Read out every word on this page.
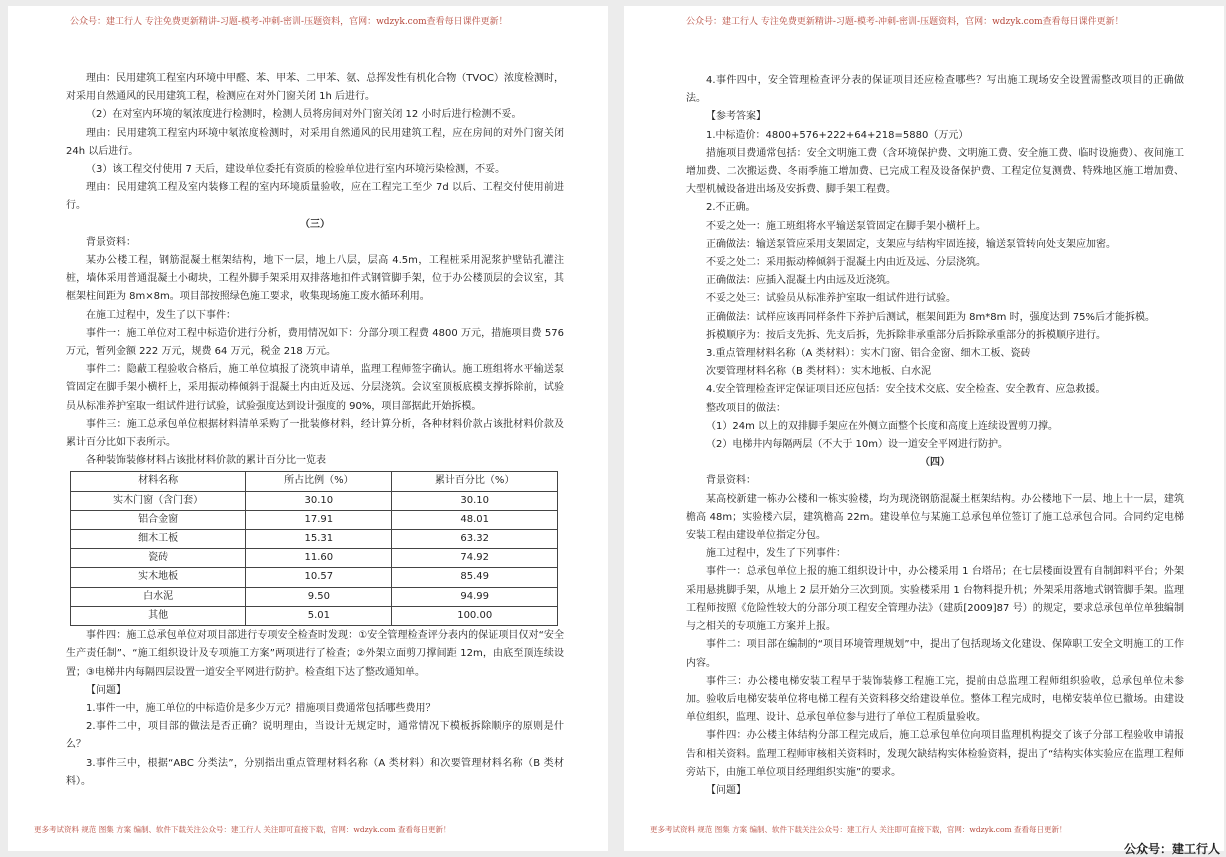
公众号：建工行人 专注免费更新精讲-习题-模考-冲刺-密训-压题资料，官网：wdzyk.com查看每日课件更新！

理由：民用建筑工程室内环境中甲醛、苯、甲苯、二甲苯、氨、总挥发性有机化合物（TVOC）浓度检测时，对采用自然通风的民用建筑工程，检测应在对外门窗关闭 1h 后进行。

（2）在对室内环境的氡浓度进行检测时，检测人员将房间对外门窗关闭 12 小时后进行检测不妥。

理由：民用建筑工程室内环境中氡浓度检测时，对采用自然通风的民用建筑工程，应在房间的对外门窗关闭 24h 以后进行。

（3）该工程交付使用 7 天后，建设单位委托有资质的检验单位进行室内环境污染检测，不妥。

理由：民用建筑工程及室内装修工程的室内环境质量验收，应在工程完工至少 7d 以后、工程交付使用前进行。

（三）

背景资料：

某办公楼工程，钢筋混凝土框架结构，地下一层，地上八层，层高 4.5m，工程桩采用泥浆护壁钻孔灌注桩，墙体采用普通混凝土小砌块，工程外脚手架采用双排落地扣件式钢管脚手架，位于办公楼顶层的会议室，其框架柱间距为 8m×8m。项目部按照绿色施工要求，收集现场施工废水循环利用。

在施工过程中，发生了以下事件：

事件一：施工单位对工程中标造价进行分析，费用情况如下：分部分项工程费 4800 万元，措施项目费 576 万元，暂列金额 222 万元，规费 64 万元，税金 218 万元。

事件二：隐蔽工程验收合格后，施工单位填报了浇筑申请单，监理工程师签字确认。施工班组将水平输送泵管固定在脚手架小横杆上，采用振动棒倾斜于混凝土内由近及远、分层浇筑。会议室顶板底模支撑拆除前，试验员从标准养护室取一组试件进行试验，试验强度达到设计强度的 90%，项目部据此开始拆模。

事件三：施工总承包单位根据材料清单采购了一批装修材料，经计算分析，各种材料价款占该批材料价款及累计百分比如下表所示。

各种装饰装修材料占该批材料价款的累计百分比一览表

材料名称	所占比例（%）	累计百分比（%）
实木门窗（含门套）	30.10	30.10
铝合金窗	17.91	48.01
细木工板	15.31	63.32
瓷砖	11.60	74.92
实木地板	10.57	85.49
白水泥	9.50	94.99
其他	5.01	100.00

事件四：施工总承包单位对项目部进行专项安全检查时发现：①安全管理检查评分表内的保证项目仅对“安全生产责任制”、“施工组织设计及专项施工方案”两项进行了检查；②外架立面剪刀撑间距 12m，由底至顶连续设置；③电梯井内每隔四层设置一道安全平网进行防护。检查组下达了整改通知单。

【问题】

1.事件一中，施工单位的中标造价是多少万元？措施项目费通常包括哪些费用？

2.事件二中，项目部的做法是否正确？说明理由，当设计无规定时，通常情况下模板拆除顺序的原则是什么？

3.事件三中，根据“ABC 分类法”，分别指出重点管理材料名称（A 类材料）和次要管理材料名称（B 类材料）。

更多考试资料 规范 图集 方案 编制、软件下载关注公众号：建工行人 关注即可直接下载，官网：wdzyk.com 查看每日更新！
公众号：建工行人 专注免费更新精讲-习题-模考-冲刺-密训-压题资料，官网：wdzyk.com查看每日课件更新！

4.事件四中，安全管理检查评分表的保证项目还应检查哪些？写出施工现场安全设置需整改项目的正确做法。

【参考答案】

1.中标造价：4800+576+222+64+218=5880（万元）

措施项目费通常包括：安全文明施工费（含环境保护费、文明施工费、安全施工费、临时设施费）、夜间施工增加费、二次搬运费、冬雨季施工增加费、已完成工程及设备保护费、工程定位复测费、特殊地区施工增加费、大型机械设备进出场及安拆费、脚手架工程费。

2.不正确。

不妥之处一：施工班组将水平输送泵管固定在脚手架小横杆上。

正确做法：输送泵管应采用支架固定，支架应与结构牢固连接，输送泵管转向处支架应加密。

不妥之处二：采用振动棒倾斜于混凝土内由近及远、分层浇筑。

正确做法：应插入混凝土内由远及近浇筑。

不妥之处三：试验员从标准养护室取一组试件进行试验。

正确做法：试样应该再同样条件下养护后测试，框架间距为 8m*8m 时，强度达到 75%后才能拆模。

拆模顺序为：按后支先拆、先支后拆，先拆除非承重部分后拆除承重部分的拆模顺序进行。

3.重点管理材料名称（A 类材料）：实木门窗、铝合金窗、细木工板、瓷砖

次要管理材料名称（B 类材料）：实木地板、白水泥

4.安全管理检查评定保证项目还应包括：安全技术交底、安全检查、安全教育、应急救援。

整改项目的做法：

（1）24m 以上的双排脚手架应在外侧立面整个长度和高度上连续设置剪刀撑。

（2）电梯井内每隔两层（不大于 10m）设一道安全平网进行防护。

（四）

背景资料：

某高校新建一栋办公楼和一栋实验楼，均为现浇钢筋混凝土框架结构。办公楼地下一层、地上十一层，建筑檐高 48m；实验楼六层，建筑檐高 22m。建设单位与某施工总承包单位签订了施工总承包合同。合同约定电梯安装工程由建设单位指定分包。

施工过程中，发生了下列事件：

事件一：总承包单位上报的施工组织设计中，办公楼采用 1 台塔吊；在七层楼面设置有自制卸料平台；外架采用悬挑脚手架，从地上 2 层开始分三次到顶。实验楼采用 1 台物料提升机；外架采用落地式钢管脚手架。监理工程师按照《危险性较大的分部分项工程安全管理办法》（建质[2009]87 号）的规定，要求总承包单位单独编制与之相关的专项施工方案并上报。

事件二：项目部在编制的“项目环境管理规划”中，提出了包括现场文化建设、保障职工安全文明施工的工作内容。

事件三：办公楼电梯安装工程早于装饰装修工程施工完，提前由总监理工程师组织验收，总承包单位未参加。验收后电梯安装单位将电梯工程有关资料移交给建设单位。整体工程完成时，电梯安装单位已撤场。由建设单位组织，监理、设计、总承包单位参与进行了单位工程质量验收。

事件四：办公楼主体结构分部工程完成后，施工总承包单位向项目监理机构提交了该子分部工程验收申请报告和相关资料。监理工程师审核相关资料时，发现欠缺结构实体检验资料，提出了“结构实体实验应在监理工程师旁站下，由施工单位项目经理组织实施”的要求。

【问题】

更多考试资料 规范 图集 方案 编制、软件下载关注公众号：建工行人 关注即可直接下载，官网：wdzyk.com 查看每日更新！
公众号：建工行人
